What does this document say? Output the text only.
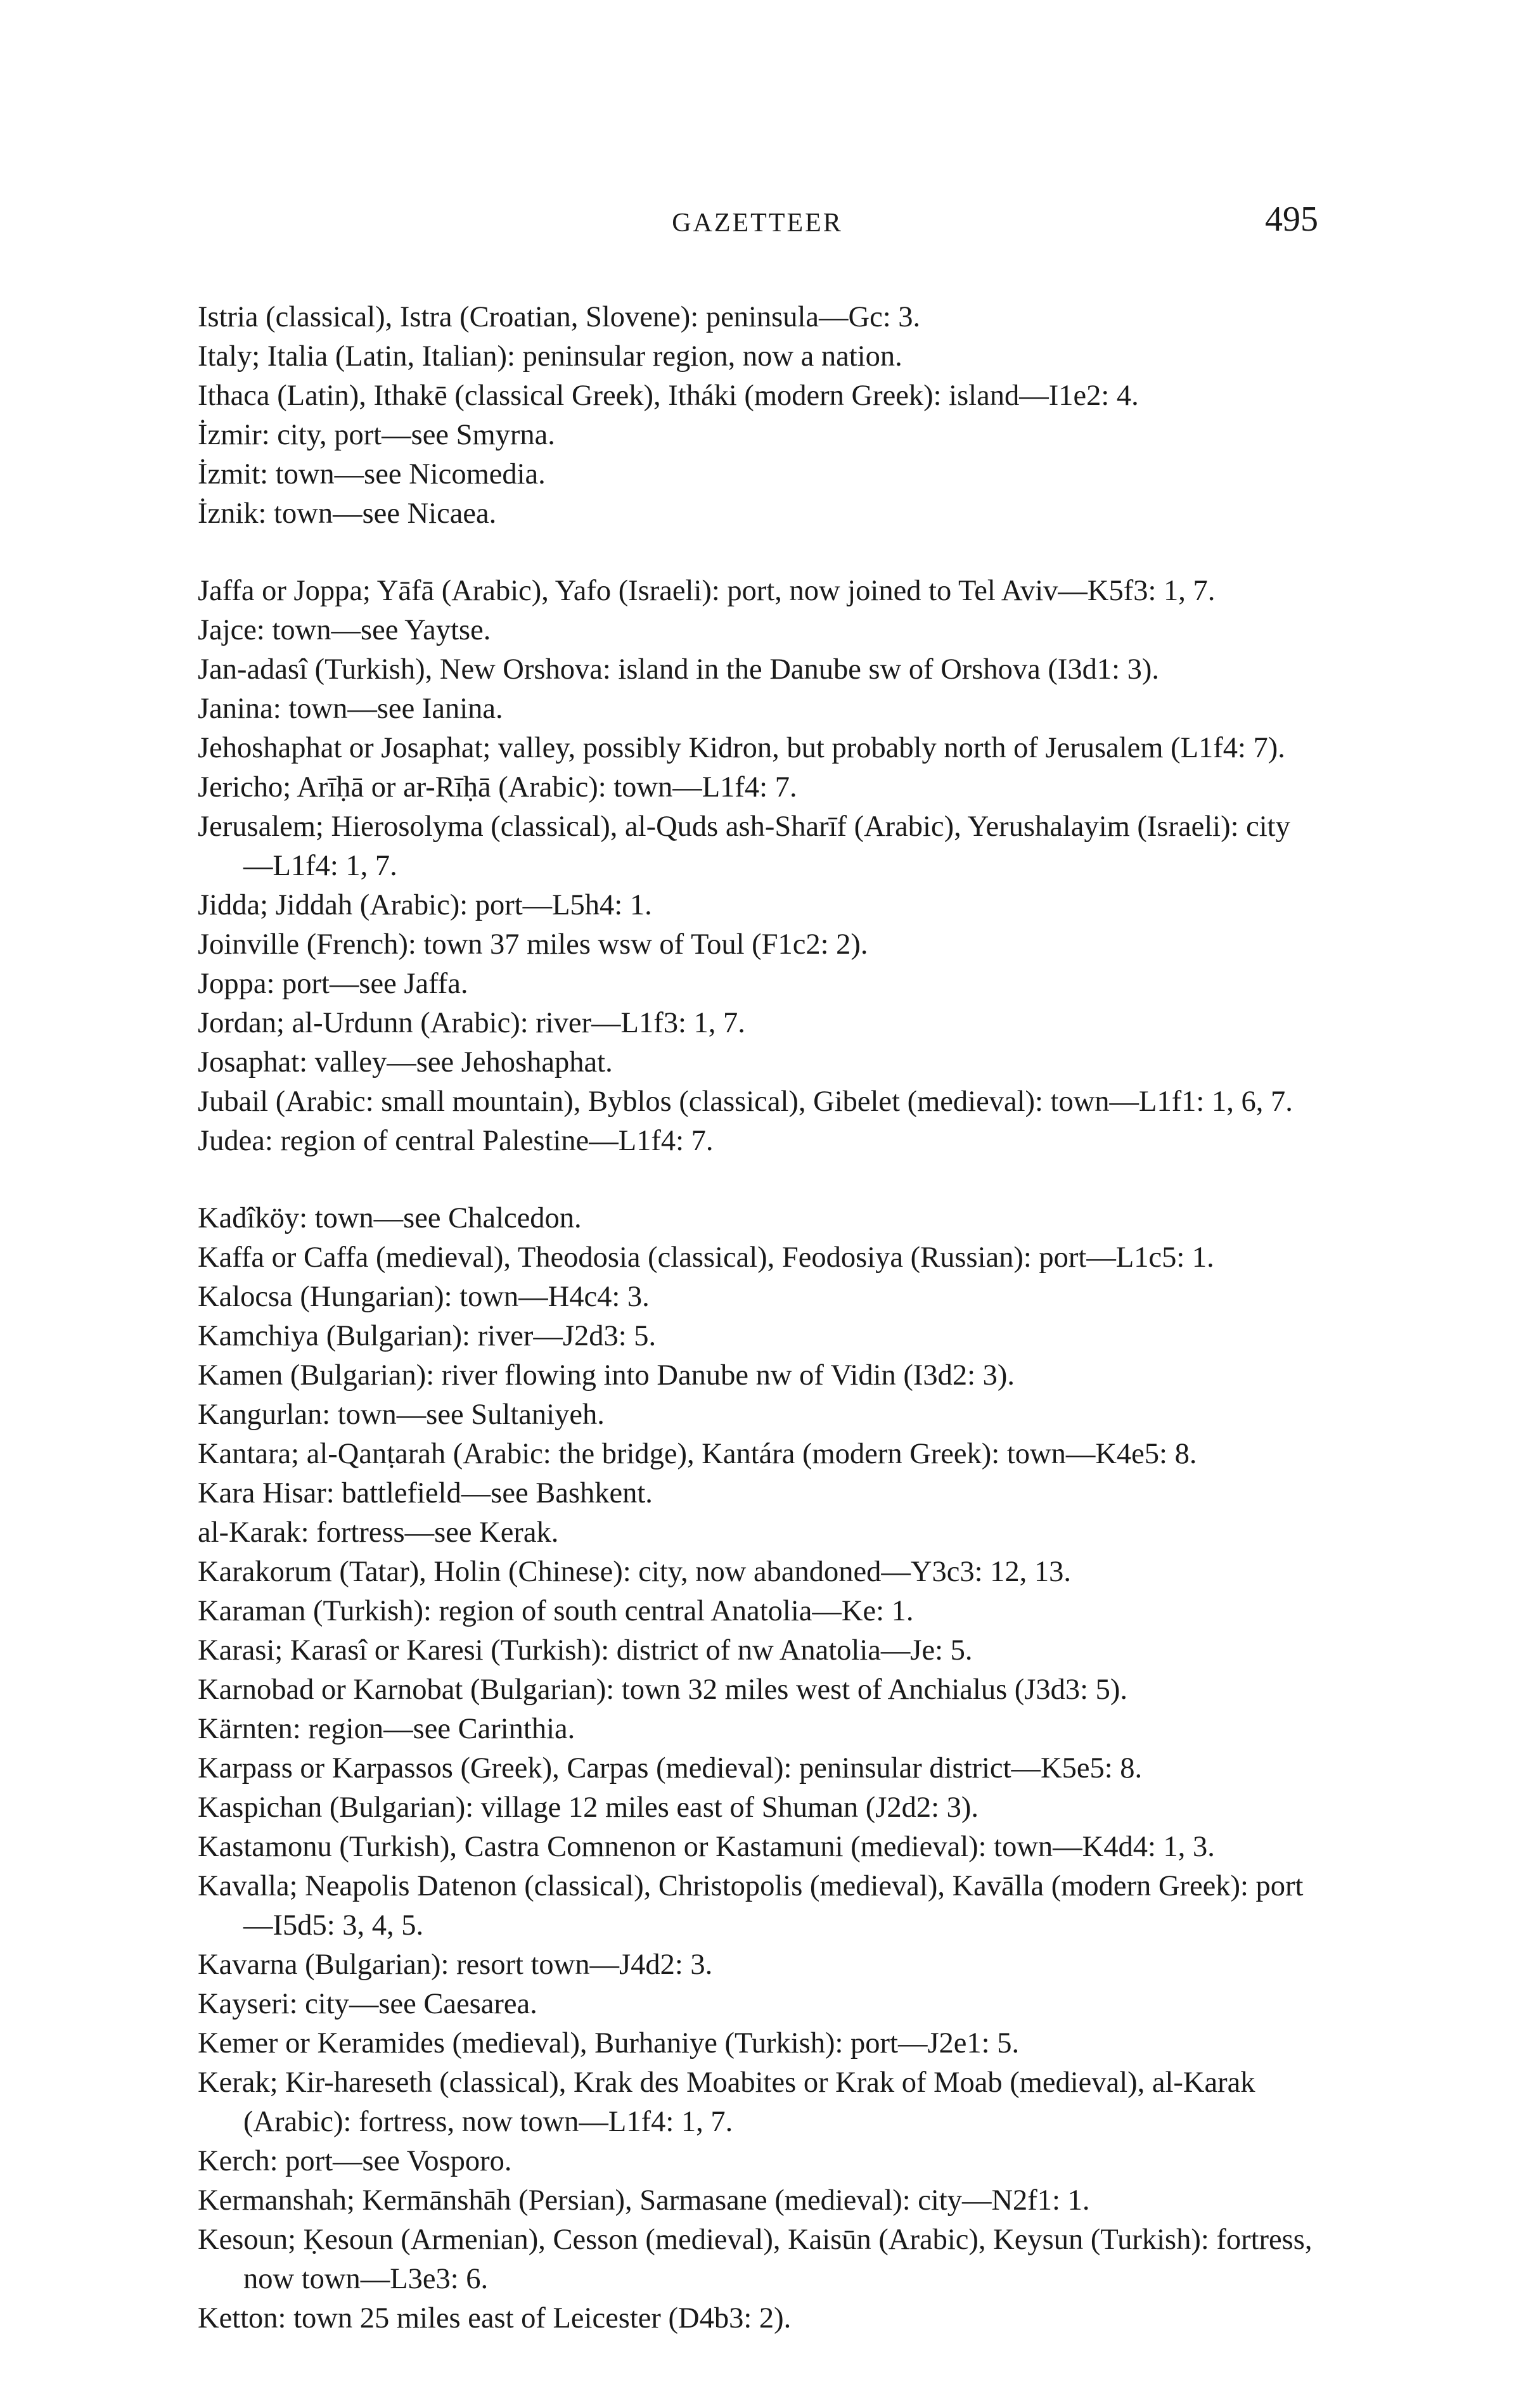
GAZETTEER	495
Istria (classical), Istra (Croatian, Slovene): peninsula—Gc: 3.
Italy; Italia (Latin, Italian): peninsular region, now a nation.
Ithaca (Latin), Ithakē (classical Greek), Itháki (modern Greek): island—I1e2: 4.
İzmir: city, port—see Smyrna.
İzmit: town—see Nicomedia.
İznik: town—see Nicaea.
Jaffa or Joppa; Yāfā (Arabic), Yafo (Israeli): port, now joined to Tel Aviv—K5f3: 1, 7.
Jajce: town—see Yaytse.
Jan-adasî (Turkish), New Orshova: island in the Danube sw of Orshova (I3d1: 3).
Janina: town—see Ianina.
Jehoshaphat or Josaphat; valley, possibly Kidron, but probably north of Jerusalem (L1f4: 7).
Jericho; Arīḥā or ar-Rīḥā (Arabic): town—L1f4: 7.
Jerusalem; Hierosolyma (classical), al-Quds ash-Sharīf (Arabic), Yerushalayim (Israeli): city—L1f4: 1, 7.
Jidda; Jiddah (Arabic): port—L5h4: 1.
Joinville (French): town 37 miles wsw of Toul (F1c2: 2).
Joppa: port—see Jaffa.
Jordan; al-Urdunn (Arabic): river—L1f3: 1, 7.
Josaphat: valley—see Jehoshaphat.
Jubail (Arabic: small mountain), Byblos (classical), Gibelet (medieval): town—L1f1: 1, 6, 7.
Judea: region of central Palestine—L1f4: 7.
Kadîköy: town—see Chalcedon.
Kaffa or Caffa (medieval), Theodosia (classical), Feodosiya (Russian): port—L1c5: 1.
Kalocsa (Hungarian): town—H4c4: 3.
Kamchiya (Bulgarian): river—J2d3: 5.
Kamen (Bulgarian): river flowing into Danube nw of Vidin (I3d2: 3).
Kangurlan: town—see Sultaniyeh.
Kantara; al-Qanṭarah (Arabic: the bridge), Kantára (modern Greek): town—K4e5: 8.
Kara Hisar: battlefield—see Bashkent.
al-Karak: fortress—see Kerak.
Karakorum (Tatar), Holin (Chinese): city, now abandoned—Y3c3: 12, 13.
Karaman (Turkish): region of south central Anatolia—Ke: 1.
Karasi; Karasî or Karesi (Turkish): district of nw Anatolia—Je: 5.
Karnobad or Karnobat (Bulgarian): town 32 miles west of Anchialus (J3d3: 5).
Kärnten: region—see Carinthia.
Karpass or Karpassos (Greek), Carpas (medieval): peninsular district—K5e5: 8.
Kaspichan (Bulgarian): village 12 miles east of Shuman (J2d2: 3).
Kastamonu (Turkish), Castra Comnenon or Kastamuni (medieval): town—K4d4: 1, 3.
Kavalla; Neapolis Datenon (classical), Christopolis (medieval), Kavālla (modern Greek): port—I5d5: 3, 4, 5.
Kavarna (Bulgarian): resort town—J4d2: 3.
Kayseri: city—see Caesarea.
Kemer or Keramides (medieval), Burhaniye (Turkish): port—J2e1: 5.
Kerak; Kir-hareseth (classical), Krak des Moabites or Krak of Moab (medieval), al-Karak (Arabic): fortress, now town—L1f4: 1, 7.
Kerch: port—see Vosporo.
Kermanshah; Kermānshāh (Persian), Sarmasane (medieval): city—N2f1: 1.
Kesoun; Ḳesoun (Armenian), Cesson (medieval), Kaisūn (Arabic), Keysun (Turkish): fortress, now town—L3e3: 6.
Ketton: town 25 miles east of Leicester (D4b3: 2).
